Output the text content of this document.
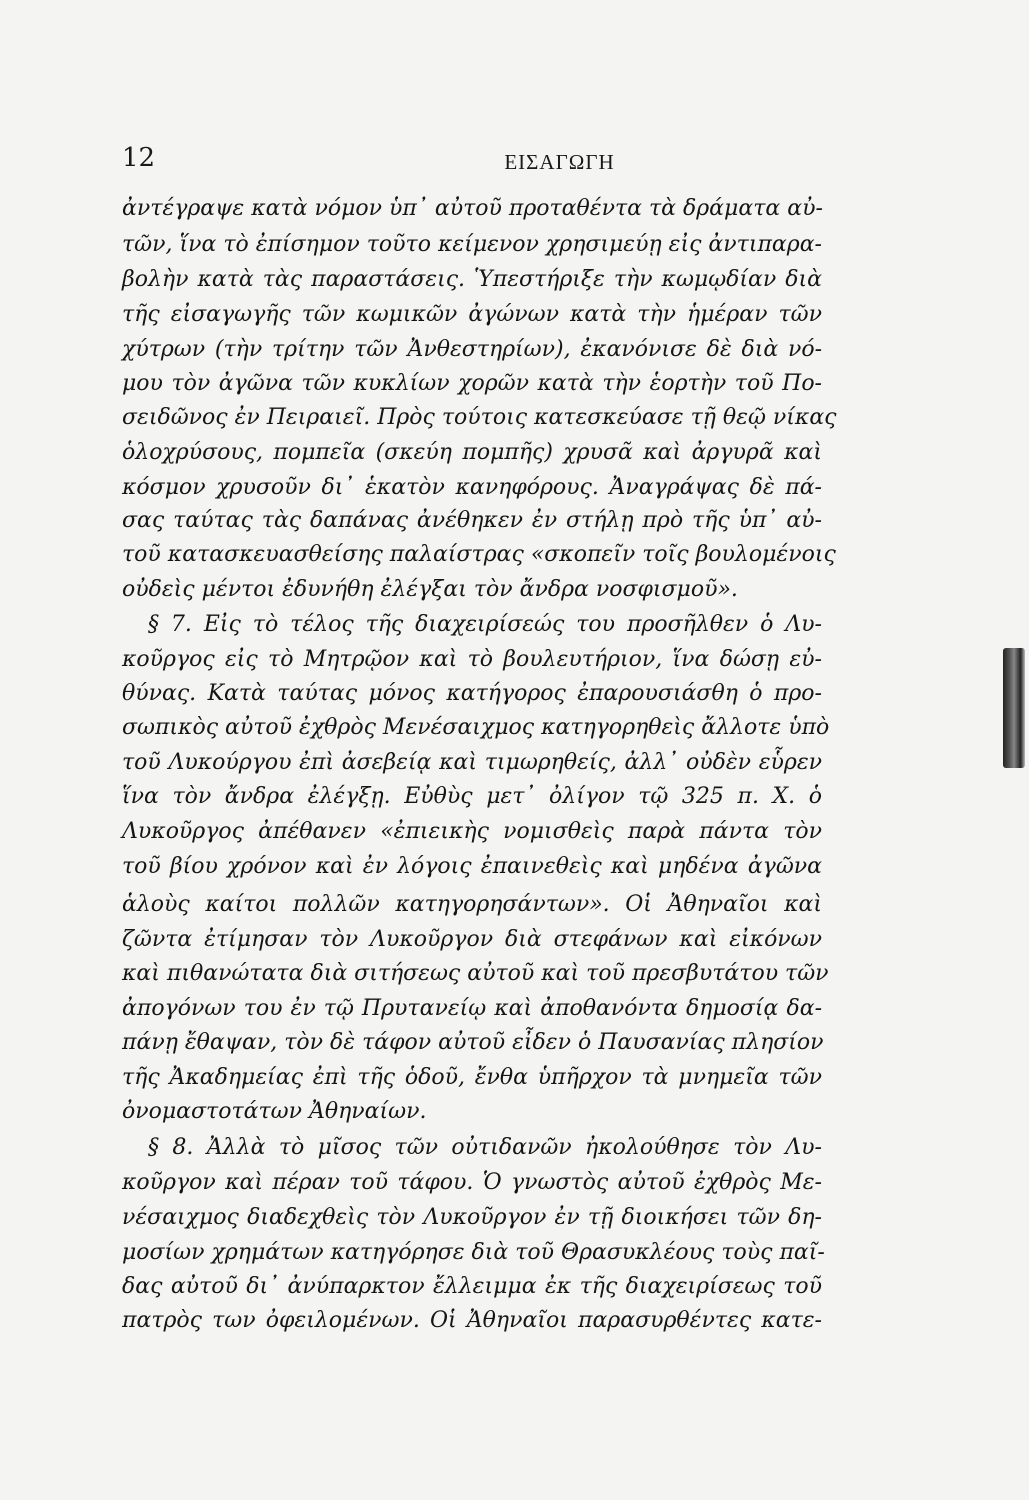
12	ΕΙΣΑΓΩΓΗ
ἀντέγραψε κατὰ νόμον ὑπ᾿ αὐτοῦ προταθέντα τὰ δράματα αὐ-
τῶν, ἵνα τὸ ἐπίσημον τοῦτο κείμενον χρησιμεύῃ εἰς ἀντιπαρα-
βολὴν κατὰ τὰς παραστάσεις. Ὑπεστήριξε τὴν κωμῳδίαν διὰ
τῆς εἰσαγωγῆς τῶν κωμικῶν ἀγώνων κατὰ τὴν ἡμέραν τῶν
χύτρων (τὴν τρίτην τῶν Ἀνθεστηρίων), ἐκανόνισε δὲ διὰ νό-
μου τὸν ἀγῶνα τῶν κυκλίων χορῶν κατὰ τὴν ἑορτὴν τοῦ Πο-
σειδῶνος ἐν Πειραιεῖ. Πρὸς τούτοις κατεσκεύασε τῇ θεῷ νίκας
ὁλοχρύσους, πομπεῖα (σκεύη πομπῆς) χρυσᾶ καὶ ἀργυρᾶ καὶ
κόσμον χρυσοῦν δι᾿ ἑκατὸν κανηφόρους. Ἀναγράψας δὲ πά-
σας ταύτας τὰς δαπάνας ἀνέθηκεν ἐν στήλῃ πρὸ τῆς ὑπ᾿ αὐ-
τοῦ κατασκευασθείσης παλαίστρας «σκοπεῖν τοῖς βουλομένοις
οὐδεὶς μέντοι ἐδυνήθη ἐλέγξαι τὸν ἄνδρα νοσφισμοῦ».
§ 7. Εἰς τὸ τέλος τῆς διαχειρίσεώς του προσῆλθεν ὁ Λυ-
κοῦργος εἰς τὸ Μητρῷον καὶ τὸ βουλευτήριον, ἵνα δώσῃ εὐ-
θύνας. Κατὰ ταύτας μόνος κατήγορος ἐπαρουσιάσθη ὁ προ-
σωπικὸς αὐτοῦ ἐχθρὸς Μενέσαιχμος κατηγορηθεὶς ἄλλοτε ὑπὸ
τοῦ Λυκούργου ἐπὶ ἀσεβείᾳ καὶ τιμωρηθείς, ἀλλ᾿ οὐδὲν εὗρεν
ἵνα τὸν ἄνδρα ἐλέγξῃ. Εὐθὺς μετ᾿ ὀλίγον τῷ 325 π. Χ. ὁ
Λυκοῦργος ἀπέθανεν «ἐπιεικὴς νομισθεὶς παρὰ πάντα τὸν
τοῦ βίου χρόνον καὶ ἐν λόγοις ἐπαινεθεὶς καὶ μηδένα ἀγῶνα
ἁλοὺς καίτοι πολλῶν κατηγορησάντων». Οἱ Ἀθηναῖοι καὶ
ζῶντα ἐτίμησαν τὸν Λυκοῦργον διὰ στεφάνων καὶ εἰκόνων
καὶ πιθανώτατα διὰ σιτήσεως αὐτοῦ καὶ τοῦ πρεσβυτάτου τῶν
ἀπογόνων του ἐν τῷ Πρυτανείῳ καὶ ἀποθανόντα δημοσίᾳ δα-
πάνῃ ἔθαψαν, τὸν δὲ τάφον αὐτοῦ εἶδεν ὁ Παυσανίας πλησίον
τῆς Ἀκαδημείας ἐπὶ τῆς ὁδοῦ, ἔνθα ὑπῆρχον τὰ μνημεῖα τῶν
ὀνομαστοτάτων Ἀθηναίων.
§ 8. Ἀλλὰ τὸ μῖσος τῶν οὐτιδανῶν ἠκολούθησε τὸν Λυ-
κοῦργον καὶ πέραν τοῦ τάφου. Ὁ γνωστὸς αὐτοῦ ἐχθρὸς Με-
νέσαιχμος διαδεχθεὶς τὸν Λυκοῦργον ἐν τῇ διοικήσει τῶν δη-
μοσίων χρημάτων κατηγόρησε διὰ τοῦ Θρασυκλέους τοὺς παῖ-
δας αὐτοῦ δι᾿ ἀνύπαρκτον ἔλλειμμα ἐκ τῆς διαχειρίσεως τοῦ
πατρὸς των ὀφειλομένων. Οἱ Ἀθηναῖοι παρασυρθέντες κατε-
